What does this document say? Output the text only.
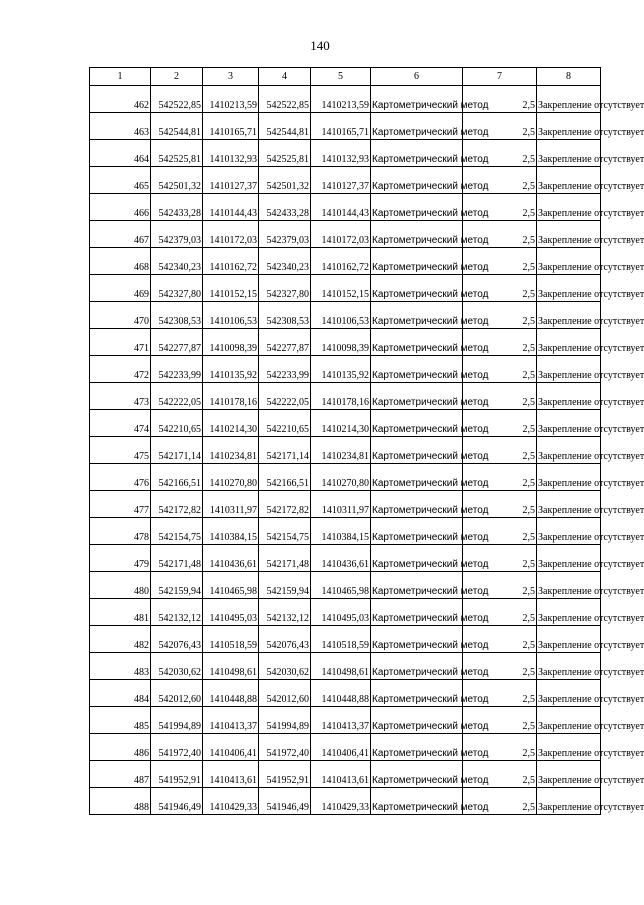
140
1	2	3	4	5	6	7	8
462	542522,85	1410213,59	542522,85	1410213,59	Картометрический метод	2,5	Закрепление отсутствует
463	542544,81	1410165,71	542544,81	1410165,71	Картометрический метод	2,5	Закрепление отсутствует
464	542525,81	1410132,93	542525,81	1410132,93	Картометрический метод	2,5	Закрепление отсутствует
465	542501,32	1410127,37	542501,32	1410127,37	Картометрический метод	2,5	Закрепление отсутствует
466	542433,28	1410144,43	542433,28	1410144,43	Картометрический метод	2,5	Закрепление отсутствует
467	542379,03	1410172,03	542379,03	1410172,03	Картометрический метод	2,5	Закрепление отсутствует
468	542340,23	1410162,72	542340,23	1410162,72	Картометрический метод	2,5	Закрепление отсутствует
469	542327,80	1410152,15	542327,80	1410152,15	Картометрический метод	2,5	Закрепление отсутствует
470	542308,53	1410106,53	542308,53	1410106,53	Картометрический метод	2,5	Закрепление отсутствует
471	542277,87	1410098,39	542277,87	1410098,39	Картометрический метод	2,5	Закрепление отсутствует
472	542233,99	1410135,92	542233,99	1410135,92	Картометрический метод	2,5	Закрепление отсутствует
473	542222,05	1410178,16	542222,05	1410178,16	Картометрический метод	2,5	Закрепление отсутствует
474	542210,65	1410214,30	542210,65	1410214,30	Картометрический метод	2,5	Закрепление отсутствует
475	542171,14	1410234,81	542171,14	1410234,81	Картометрический метод	2,5	Закрепление отсутствует
476	542166,51	1410270,80	542166,51	1410270,80	Картометрический метод	2,5	Закрепление отсутствует
477	542172,82	1410311,97	542172,82	1410311,97	Картометрический метод	2,5	Закрепление отсутствует
478	542154,75	1410384,15	542154,75	1410384,15	Картометрический метод	2,5	Закрепление отсутствует
479	542171,48	1410436,61	542171,48	1410436,61	Картометрический метод	2,5	Закрепление отсутствует
480	542159,94	1410465,98	542159,94	1410465,98	Картометрический метод	2,5	Закрепление отсутствует
481	542132,12	1410495,03	542132,12	1410495,03	Картометрический метод	2,5	Закрепление отсутствует
482	542076,43	1410518,59	542076,43	1410518,59	Картометрический метод	2,5	Закрепление отсутствует
483	542030,62	1410498,61	542030,62	1410498,61	Картометрический метод	2,5	Закрепление отсутствует
484	542012,60	1410448,88	542012,60	1410448,88	Картометрический метод	2,5	Закрепление отсутствует
485	541994,89	1410413,37	541994,89	1410413,37	Картометрический метод	2,5	Закрепление отсутствует
486	541972,40	1410406,41	541972,40	1410406,41	Картометрический метод	2,5	Закрепление отсутствует
487	541952,91	1410413,61	541952,91	1410413,61	Картометрический метод	2,5	Закрепление отсутствует
488	541946,49	1410429,33	541946,49	1410429,33	Картометрический метод	2,5	Закрепление отсутствует
